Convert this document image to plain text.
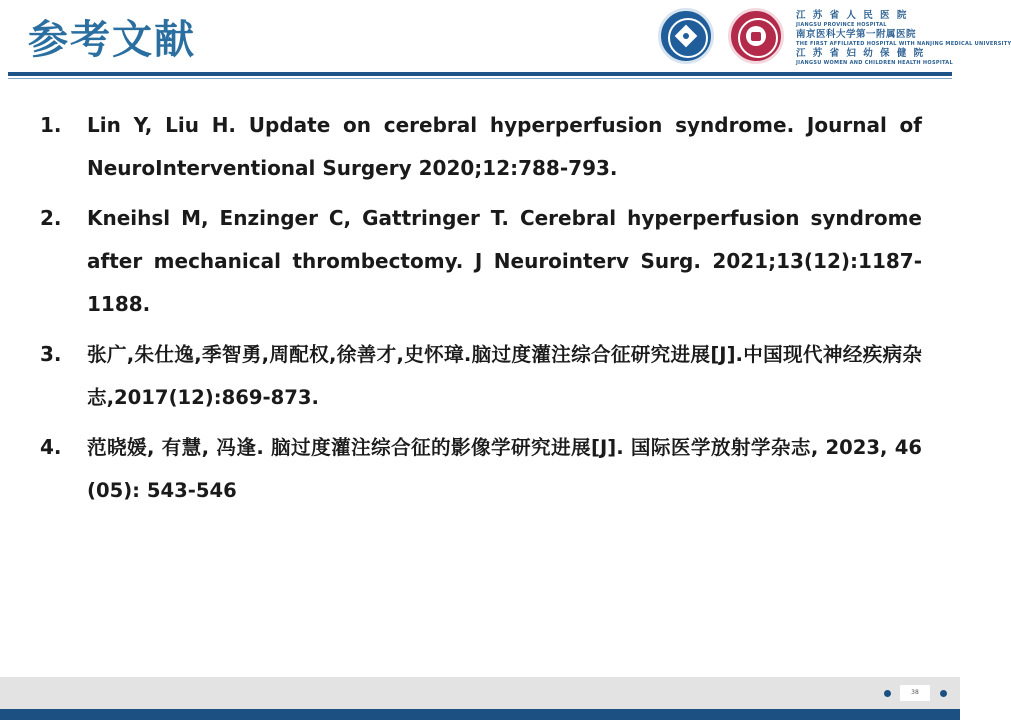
参考文献
江 苏 省 人 民 医 院
JIANGSU PROVINCE HOSPITAL
南京医科大学第一附属医院
THE FIRST AFFILIATED HOSPITAL WITH NANJING MEDICAL UNIVERSITY
江 苏 省 妇 幼 保 健 院
JIANGSU WOMEN AND CHILDREN HEALTH HOSPITAL
1. Lin Y, Liu H. Update on cerebral hyperperfusion syndrome. Journal of NeuroInterventional Surgery 2020;12:788-793.
2. Kneihsl M, Enzinger C, Gattringer T. Cerebral hyperperfusion syndrome after mechanical thrombectomy. J Neurointerv Surg. 2021;13(12):1187-1188.
3. 张广,朱仕逸,季智勇,周配权,徐善才,史怀璋.脑过度灌注综合征研究进展[J].中国现代神经疾病杂志,2017(12):869-873.
4. 范晓媛, 有慧, 冯逢. 脑过度灌注综合征的影像学研究进展[J]. 国际医学放射学杂志, 2023, 46 (05): 543-546
38
